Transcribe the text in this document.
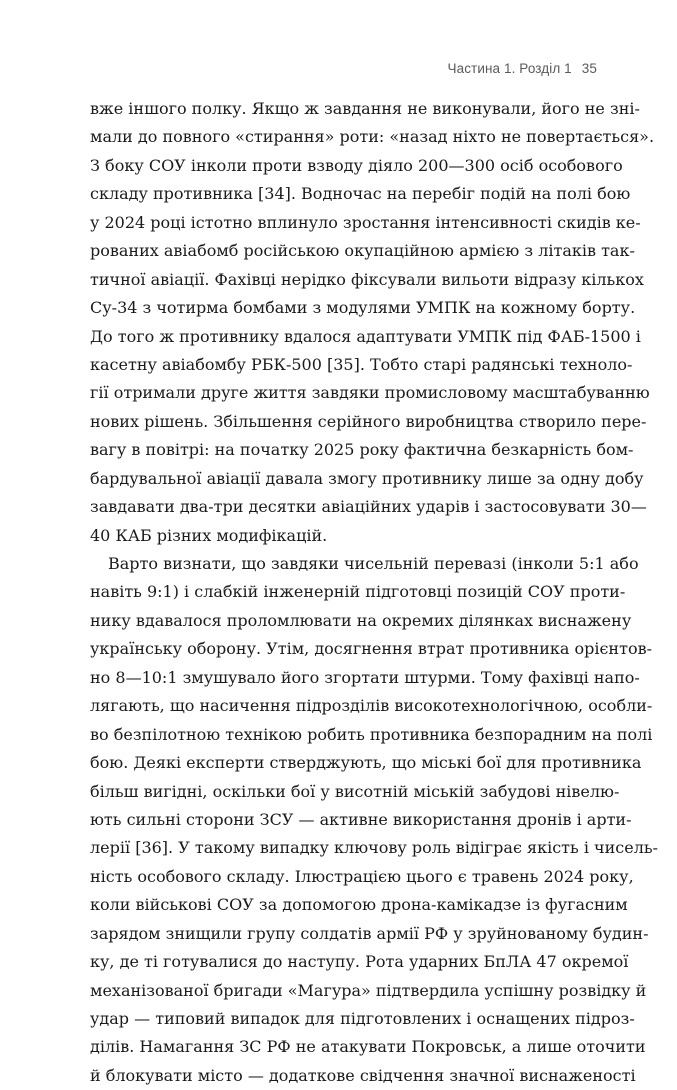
Частина 1. Розділ 1 35
вже іншого полку. Якщо ж завдання не виконували, його не зні-
мали до повного «стирання» роти: «назад ніхто не повертається».
З боку СОУ інколи проти взводу діяло 200—300 осіб особового
складу противника [34]. Водночас на перебіг подій на полі бою
у 2024 році істотно вплинуло зростання інтенсивності скидів ке-
рованих авіабомб російською окупаційною армією з літаків так-
тичної авіації. Фахівці нерідко фіксували вильоти відразу кількох
Су-34 з чотирма бомбами з модулями УМПК на кожному борту.
До того ж противнику вдалося адаптувати УМПК під ФАБ-1500 і
касетну авіабомбу РБК-500 [35]. Тобто старі радянські техноло-
гії отримали друге життя завдяки промисловому масштабуванню
нових рішень. Збільшення серійного виробництва створило пере-
вагу в повітрі: на початку 2025 року фактична безкарність бом-
бардувальної авіації давала змогу противнику лише за одну добу
завдавати два-три десятки авіаційних ударів і застосовувати 30—
40 КАБ різних модифікацій.
Варто визнати, що завдяки чисельній перевазі (інколи 5:1 або
навіть 9:1) і слабкій інженерній підготовці позицій СОУ проти-
нику вдавалося проломлювати на окремих ділянках виснажену
українську оборону. Утім, досягнення втрат противника орієнтов-
но 8—10:1 змушувало його згортати штурми. Тому фахівці напо-
лягають, що насичення підрозділів високотехнологічною, особли-
во безпілотною технікою робить противника безпорадним на полі
бою. Деякі експерти стверджують, що міські бої для противника
більш вигідні, оскільки бої у висотній міській забудові нівелю-
ють сильні сторони ЗСУ — активне використання дронів і арти-
лерії [36]. У такому випадку ключову роль відіграє якість і чисель-
ність особового складу. Ілюстрацією цього є травень 2024 року,
коли військові СОУ за допомогою дрона-камікадзе із фугасним
зарядом знищили групу солдатів армії РФ у зруйнованому будин-
ку, де ті готувалися до наступу. Рота ударних БпЛА 47 окремої
механізованої бригади «Магура» підтвердила успішну розвідку й
удар — типовий випадок для підготовлених і оснащених підроз-
ділів. Намагання ЗС РФ не атакувати Покровськ, а лише оточити
й блокувати місто — додаткове свідчення значної виснаженості
